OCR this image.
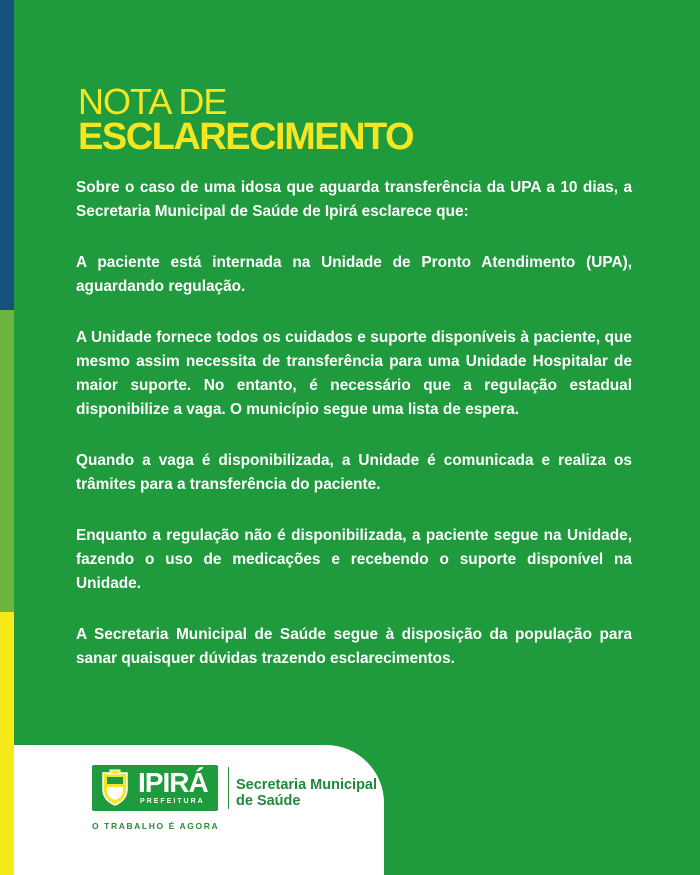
NOTA DE
ESCLARECIMENTO

Sobre o caso de uma idosa que aguarda transferência da UPA a 10 dias, a Secretaria Municipal de Saúde de Ipirá esclarece que:

A paciente está internada na Unidade de Pronto Atendimento (UPA), aguardando regulação.

A Unidade fornece todos os cuidados e suporte disponíveis à paciente, que mesmo assim necessita de transferência para uma Unidade Hospitalar de maior suporte. No entanto, é necessário que a regulação estadual disponibilize a vaga. O município segue uma lista de espera.

Quando a vaga é disponibilizada, a Unidade é comunicada e realiza os trâmites para a transferência do paciente.

Enquanto a regulação não é disponibilizada, a paciente segue na Unidade, fazendo o uso de medicações e recebendo o suporte disponível na Unidade.

A Secretaria Municipal de Saúde segue à disposição da população para sanar quaisquer dúvidas trazendo esclarecimentos.

IPIRÁ
PREFEITURA
O TRABALHO É AGORA
Secretaria Municipal
de Saúde
